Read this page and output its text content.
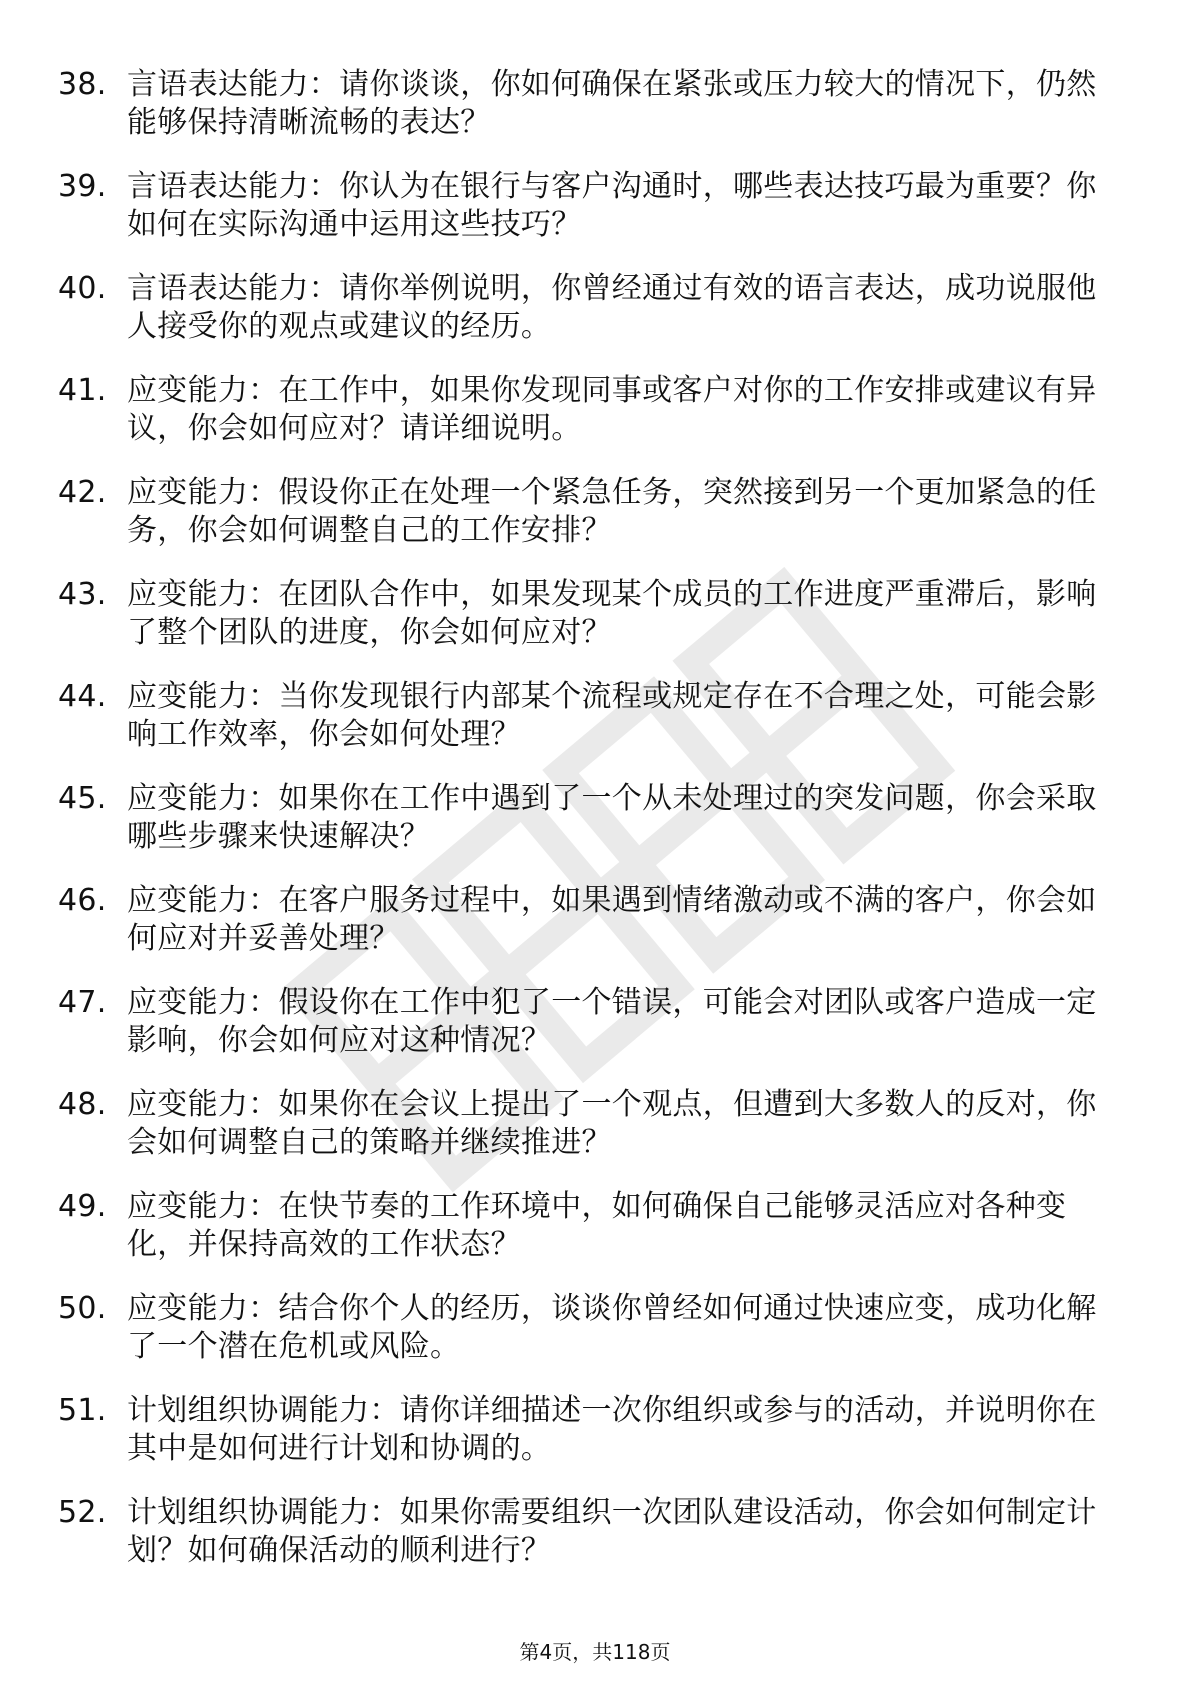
38. 言语表达能力：请你谈谈，你如何确保在紧张或压力较大的情况下，仍然能够保持清晰流畅的表达？
39. 言语表达能力：你认为在银行与客户沟通时，哪些表达技巧最为重要？你如何在实际沟通中运用这些技巧？
40. 言语表达能力：请你举例说明，你曾经通过有效的语言表达，成功说服他人接受你的观点或建议的经历。
41. 应变能力：在工作中，如果你发现同事或客户对你的工作安排或建议有异议，你会如何应对？请详细说明。
42. 应变能力：假设你正在处理一个紧急任务，突然接到另一个更加紧急的任务，你会如何调整自己的工作安排？
43. 应变能力：在团队合作中，如果发现某个成员的工作进度严重滞后，影响了整个团队的进度，你会如何应对？
44. 应变能力：当你发现银行内部某个流程或规定存在不合理之处，可能会影响工作效率，你会如何处理？
45. 应变能力：如果你在工作中遇到了一个从未处理过的突发问题，你会采取哪些步骤来快速解决？
46. 应变能力：在客户服务过程中，如果遇到情绪激动或不满的客户，你会如何应对并妥善处理？
47. 应变能力：假设你在工作中犯了一个错误，可能会对团队或客户造成一定影响，你会如何应对这种情况？
48. 应变能力：如果你在会议上提出了一个观点，但遭到大多数人的反对，你会如何调整自己的策略并继续推进？
49. 应变能力：在快节奏的工作环境中，如何确保自己能够灵活应对各种变化，并保持高效的工作状态？
50. 应变能力：结合你个人的经历，谈谈你曾经如何通过快速应变，成功化解了一个潜在危机或风险。
51. 计划组织协调能力：请你详细描述一次你组织或参与的活动，并说明你在其中是如何进行计划和协调的。
52. 计划组织协调能力：如果你需要组织一次团队建设活动，你会如何制定计划？如何确保活动的顺利进行？
第4页，共118页
